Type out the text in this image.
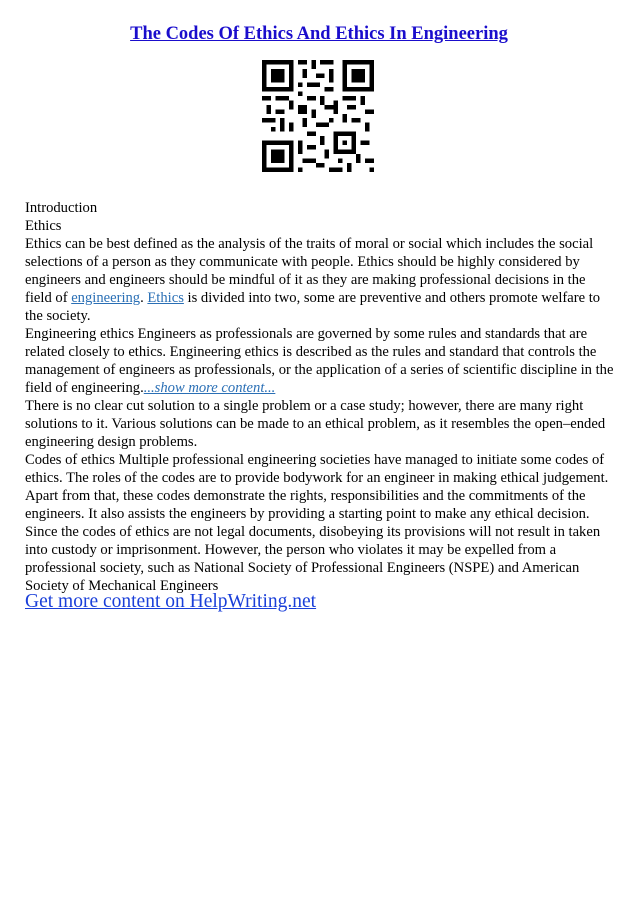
The Codes Of Ethics And Ethics In Engineering

Introduction

Ethics

Ethics can be best defined as the analysis of the traits of moral or social which includes the social selections of a person as they communicate with people. Ethics should be highly considered by engineers and engineers should be mindful of it as they are making professional decisions in the field of engineering. Ethics is divided into two, some are preventive and others promote welfare to the society.

Engineering ethics Engineers as professionals are governed by some rules and standards that are related closely to ethics. Engineering ethics is described as the rules and standard that controls the management of engineers as professionals, or the application of a series of scientific discipline in the field of engineering....show more content...

There is no clear cut solution to a single problem or a case study; however, there are many right solutions to it. Various solutions can be made to an ethical problem, as it resembles the open–ended engineering design problems.

Codes of ethics Multiple professional engineering societies have managed to initiate some codes of ethics. The roles of the codes are to provide bodywork for an engineer in making ethical judgement. Apart from that, these codes demonstrate the rights, responsibilities and the commitments of the engineers. It also assists the engineers by providing a starting point to make any ethical decision. Since the codes of ethics are not legal documents, disobeying its provisions will not result in taken into custody or imprisonment. However, the person who violates it may be expelled from a professional society, such as National Society of Professional Engineers (NSPE) and American Society of Mechanical Engineers

Get more content on HelpWriting.net
